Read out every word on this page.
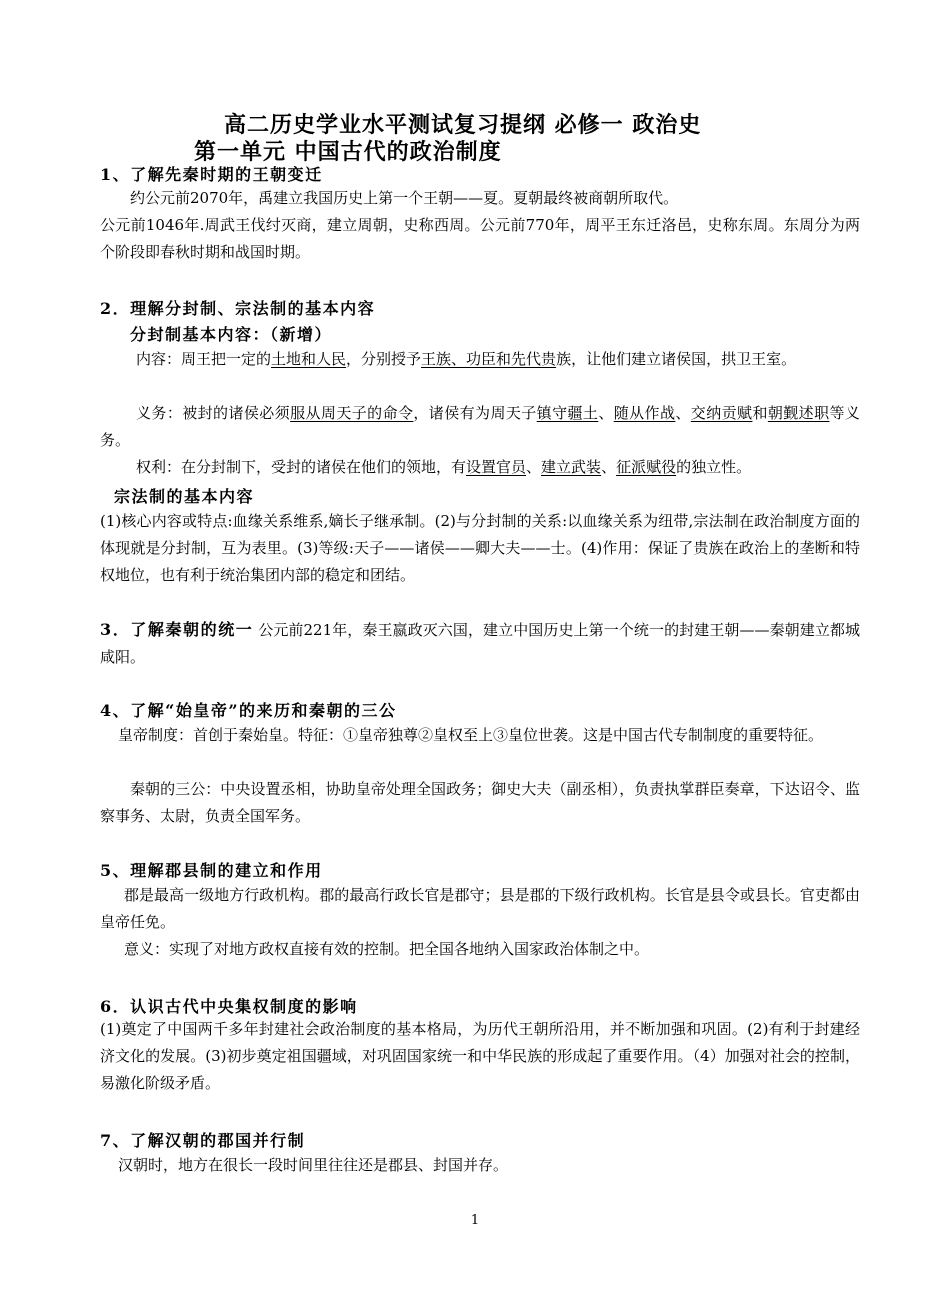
高二历史学业水平测试复习提纲 必修一 政治史
第一单元 中国古代的政治制度
1、了解先秦时期的王朝变迁
约公元前2070年，禹建立我国历史上第一个王朝——夏。夏朝最终被商朝所取代。
公元前1046年.周武王伐纣灭商，建立周朝，史称西周。公元前770年，周平王东迁洛邑，史称东周。东周分为两个阶段即春秋时期和战国时期。
2．理解分封制、宗法制的基本内容
分封制基本内容：（新增）
内容：周王把一定的土地和人民，分别授予王族、功臣和先代贵族，让他们建立诸侯国，拱卫王室。
义务：被封的诸侯必须服从周天子的命令，诸侯有为周天子镇守疆土、随从作战、交纳贡赋和朝觐述职等义务。
权利：在分封制下，受封的诸侯在他们的领地，有设置官员、建立武装、征派赋役的独立性。
宗法制的基本内容
(1)核心内容或特点:血缘关系维系,嫡长子继承制。(2)与分封制的关系:以血缘关系为纽带,宗法制在政治制度方面的体现就是分封制，互为表里。(3)等级:天子——诸侯——卿大夫——士。(4)作用：保证了贵族在政治上的垄断和特权地位，也有利于统治集团内部的稳定和团结。
3．了解秦朝的统一 公元前221年，秦王嬴政灭六国，建立中国历史上第一个统一的封建王朝——秦朝建立都城咸阳。
4、了解“始皇帝”的来历和秦朝的三公
皇帝制度：首创于秦始皇。特征：①皇帝独尊②皇权至上③皇位世袭。这是中国古代专制制度的重要特征。
秦朝的三公：中央设置丞相，协助皇帝处理全国政务；御史大夫（副丞相），负责执掌群臣奏章，下达诏令、监察事务、太尉，负责全国军务。
5、理解郡县制的建立和作用
郡是最高一级地方行政机构。郡的最高行政长官是郡守；县是郡的下级行政机构。长官是县令或县长。官吏都由皇帝任免。
意义：实现了对地方政权直接有效的控制。把全国各地纳入国家政治体制之中。
6．认识古代中央集权制度的影响
(1)奠定了中国两千多年封建社会政治制度的基本格局，为历代王朝所沿用，并不断加强和巩固。(2)有利于封建经济文化的发展。(3)初步奠定祖国疆域，对巩固国家统一和中华民族的形成起了重要作用。（4）加强对社会的控制，易激化阶级矛盾。
7、了解汉朝的郡国并行制
汉朝时，地方在很长一段时间里往往还是郡县、封国并存。
1
